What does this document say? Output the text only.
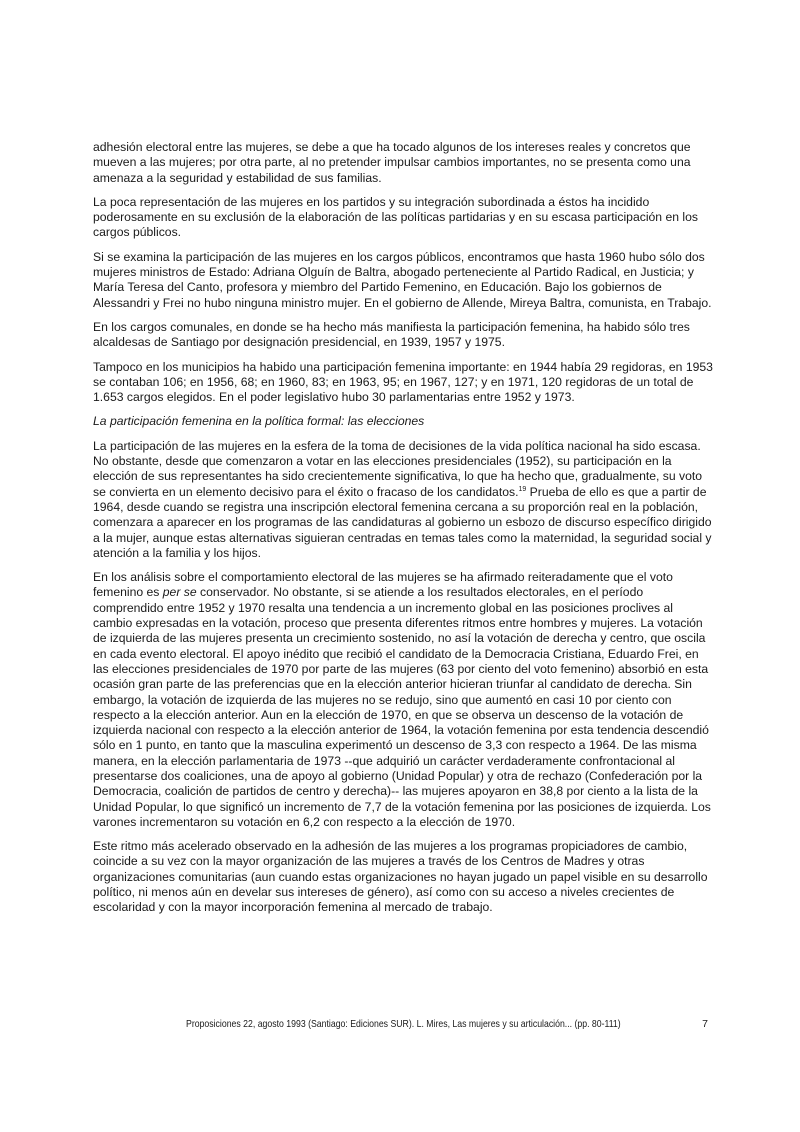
adhesión electoral entre las mujeres, se debe a que ha tocado algunos de los intereses reales y concretos que mueven a las mujeres; por otra parte, al no pretender impulsar cambios importantes, no se presenta como una amenaza a la seguridad y estabilidad de sus familias.

La poca representación de las mujeres en los partidos y su integración subordinada a éstos ha incidido poderosamente en su exclusión de la elaboración de las políticas partidarias y en su escasa participación en los cargos públicos.

Si se examina la participación de las mujeres en los cargos públicos, encontramos que hasta 1960 hubo sólo dos mujeres ministros de Estado: Adriana Olguín de Baltra, abogado perteneciente al Partido Radical, en Justicia; y María Teresa del Canto, profesora y miembro del Partido Femenino, en Educación. Bajo los gobiernos de Alessandri y Frei no hubo ninguna ministro mujer. En el gobierno de Allende, Mireya Baltra, comunista, en Trabajo.

En los cargos comunales, en donde se ha hecho más manifiesta la participación femenina, ha habido sólo tres alcaldesas de Santiago por designación presidencial, en 1939, 1957 y 1975.

Tampoco en los municipios ha habido una participación femenina importante: en 1944 había 29 regidoras, en 1953 se contaban 106; en 1956, 68; en 1960, 83; en 1963, 95; en 1967, 127; y en 1971, 120 regidoras de un total de 1.653 cargos elegidos. En el poder legislativo hubo 30 parlamentarias entre 1952 y 1973.

La participación femenina en la política formal: las elecciones

La participación de las mujeres en la esfera de la toma de decisiones de la vida política nacional ha sido escasa. No obstante, desde que comenzaron a votar en las elecciones presidenciales (1952), su participación en la elección de sus representantes ha sido crecientemente significativa, lo que ha hecho que, gradualmente, su voto se convierta en un elemento decisivo para el éxito o fracaso de los candidatos.$^{19}$ Prueba de ello es que a partir de 1964, desde cuando se registra una inscripción electoral femenina cercana a su proporción real en la población, comenzara a aparecer en los programas de las candidaturas al gobierno un esbozo de discurso específico dirigido a la mujer, aunque estas alternativas siguieran centradas en temas tales como la maternidad, la seguridad social y atención a la familia y los hijos.

En los análisis sobre el comportamiento electoral de las mujeres se ha afirmado reiteradamente que el voto femenino es per se conservador. No obstante, si se atiende a los resultados electorales, en el período comprendido entre 1952 y 1970 resalta una tendencia a un incremento global en las posiciones proclives al cambio expresadas en la votación, proceso que presenta diferentes ritmos entre hombres y mujeres. La votación de izquierda de las mujeres presenta un crecimiento sostenido, no así la votación de derecha y centro, que oscila en cada evento electoral. El apoyo inédito que recibió el candidato de la Democracia Cristiana, Eduardo Frei, en las elecciones presidenciales de 1970 por parte de las mujeres (63 por ciento del voto femenino) absorbió en esta ocasión gran parte de las preferencias que en la elección anterior hicieran triunfar al candidato de derecha. Sin embargo, la votación de izquierda de las mujeres no se redujo, sino que aumentó en casi 10 por ciento con respecto a la elección anterior. Aun en la elección de 1970, en que se observa un descenso de la votación de izquierda nacional con respecto a la elección anterior de 1964, la votación femenina por esta tendencia descendió sólo en 1 punto, en tanto que la masculina experimentó un descenso de 3,3 con respecto a 1964. De las misma manera, en la elección parlamentaria de 1973 --que adquirió un carácter verdaderamente confrontacional al presentarse dos coaliciones, una de apoyo al gobierno (Unidad Popular) y otra de rechazo (Confederación por la Democracia, coalición de partidos de centro y derecha)-- las mujeres apoyaron en 38,8 por ciento a la lista de la Unidad Popular, lo que significó un incremento de 7,7 de la votación femenina por las posiciones de izquierda. Los varones incrementaron su votación en 6,2 con respecto a la elección de 1970.

Este ritmo más acelerado observado en la adhesión de las mujeres a los programas propiciadores de cambio, coincide a su vez con la mayor organización de las mujeres a través de los Centros de Madres y otras organizaciones comunitarias (aun cuando estas organizaciones no hayan jugado un papel visible en su desarrollo político, ni menos aún en develar sus intereses de género), así como con su acceso a niveles crecientes de escolaridad y con la mayor incorporación femenina al mercado de trabajo.

Proposiciones 22, agosto 1993 (Santiago: Ediciones SUR). L. Mires, Las mujeres y su articulación... (pp. 80-111)	7
